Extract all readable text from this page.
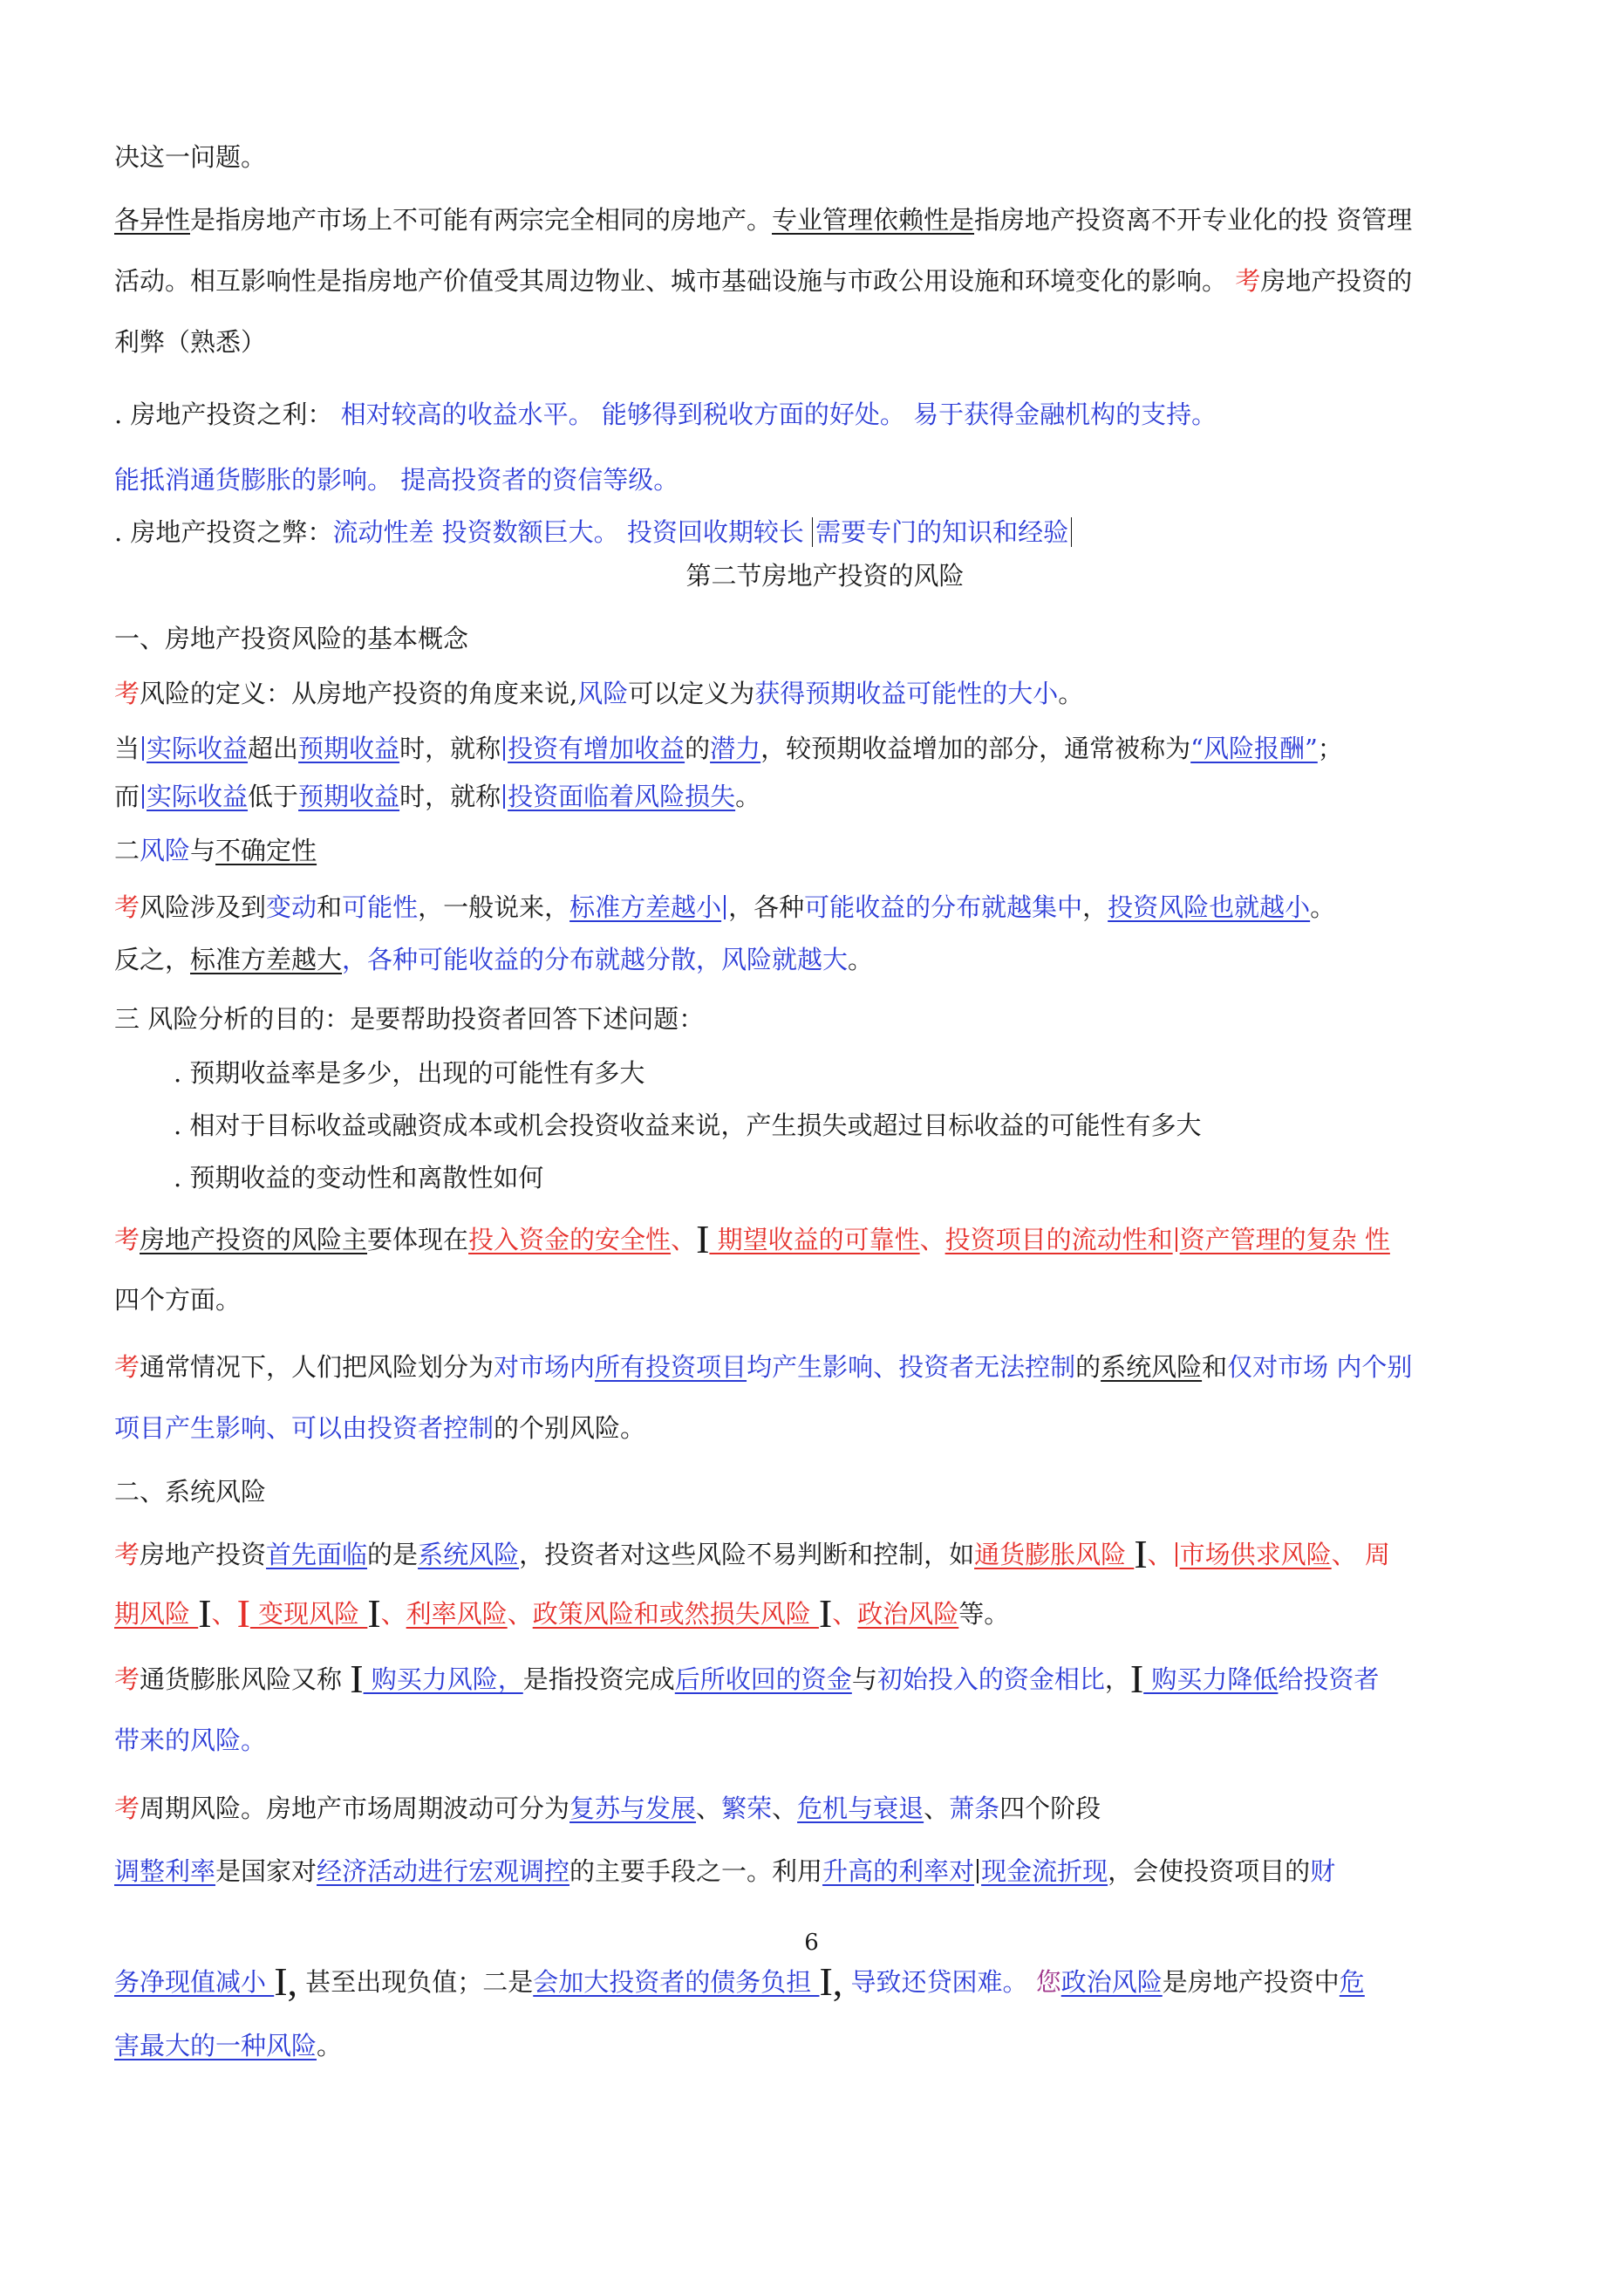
决这一问题。
各异性是指房地产市场上不可能有两宗完全相同的房地产。专业管理依赖性是指房地产投资离不开专业化的投 资管理
活动。相互影响性是指房地产价值受其周边物业、城市基础设施与市政公用设施和环境变化的影响。 考房地产投资的
利弊（熟悉）
. 房地产投资之利： 相对较高的收益水平。 能够得到税收方面的好处。 易于获得金融机构的支持。
能抵消通货膨胀的影响。 提高投资者的资信等级。
. 房地产投资之弊：流动性差 投资数额巨大。 投资回收期较长 需要专门的知识和经验
第二节房地产投资的风险
一、房地产投资风险的基本概念
考风险的定义：从房地产投资的角度来说,风险可以定义为获得预期收益可能性的大小。
当 实际收益超出预期收益时，就称 投资有增加收益的潜力，较预期收益增加的部分，通常被称为“风险报酬”；
而 实际收益低于预期收益时，就称 投资面临着风险损失。
二风险与不确定性
考风险涉及到变动和可能性，一般说来，标准方差越小 ，各种可能收益的分布就越集中，投资风险也就越小。
反之，标准方差越大，各种可能收益的分布就越分散，风险就越大。
三 风险分析的目的：是要帮助投资者回答下述问题：
. 预期收益率是多少，出现的可能性有多大
. 相对于目标收益或融资成本或机会投资收益来说，产生损失或超过目标收益的可能性有多大
. 预期收益的变动性和离散性如何
考房地产投资的风险主要体现在投入资金的安全性、I 期望收益的可靠性、投资项目的流动性和 资产管理的复杂 性
四个方面。
考通常情况下，人们把风险划分为对市场内所有投资项目均产生影响、投资者无法控制的系统风险和仅对市场 内个别
项目产生影响、可以由投资者控制的个别风险。
二、系统风险
考房地产投资首先面临的是系统风险，投资者对这些风险不易判断和控制，如通货膨胀风险 I、 市场供求风险、 周
期风险 I、I 变现风险 I、利率风险、政策风险和或然损失风险 I、政治风险等。
考通货膨胀风险又称 I 购买力风险，是指投资完成后所收回的资金与初始投入的资金相比，I 购买力降低给投资者
带来的风险。
考周期风险。房地产市场周期波动可分为复苏与发展、繁荣、危机与衰退、萧条四个阶段
调整利率是国家对经济活动进行宏观调控的主要手段之一。利用升高的利率对 现金流折现，会使投资项目的财
务净现值减小 I, 甚至出现负值；二是会加大投资者的债务负担 I, 导致还贷困难。 您政治风险是房地产投资中危
害最大的一种风险。
6
